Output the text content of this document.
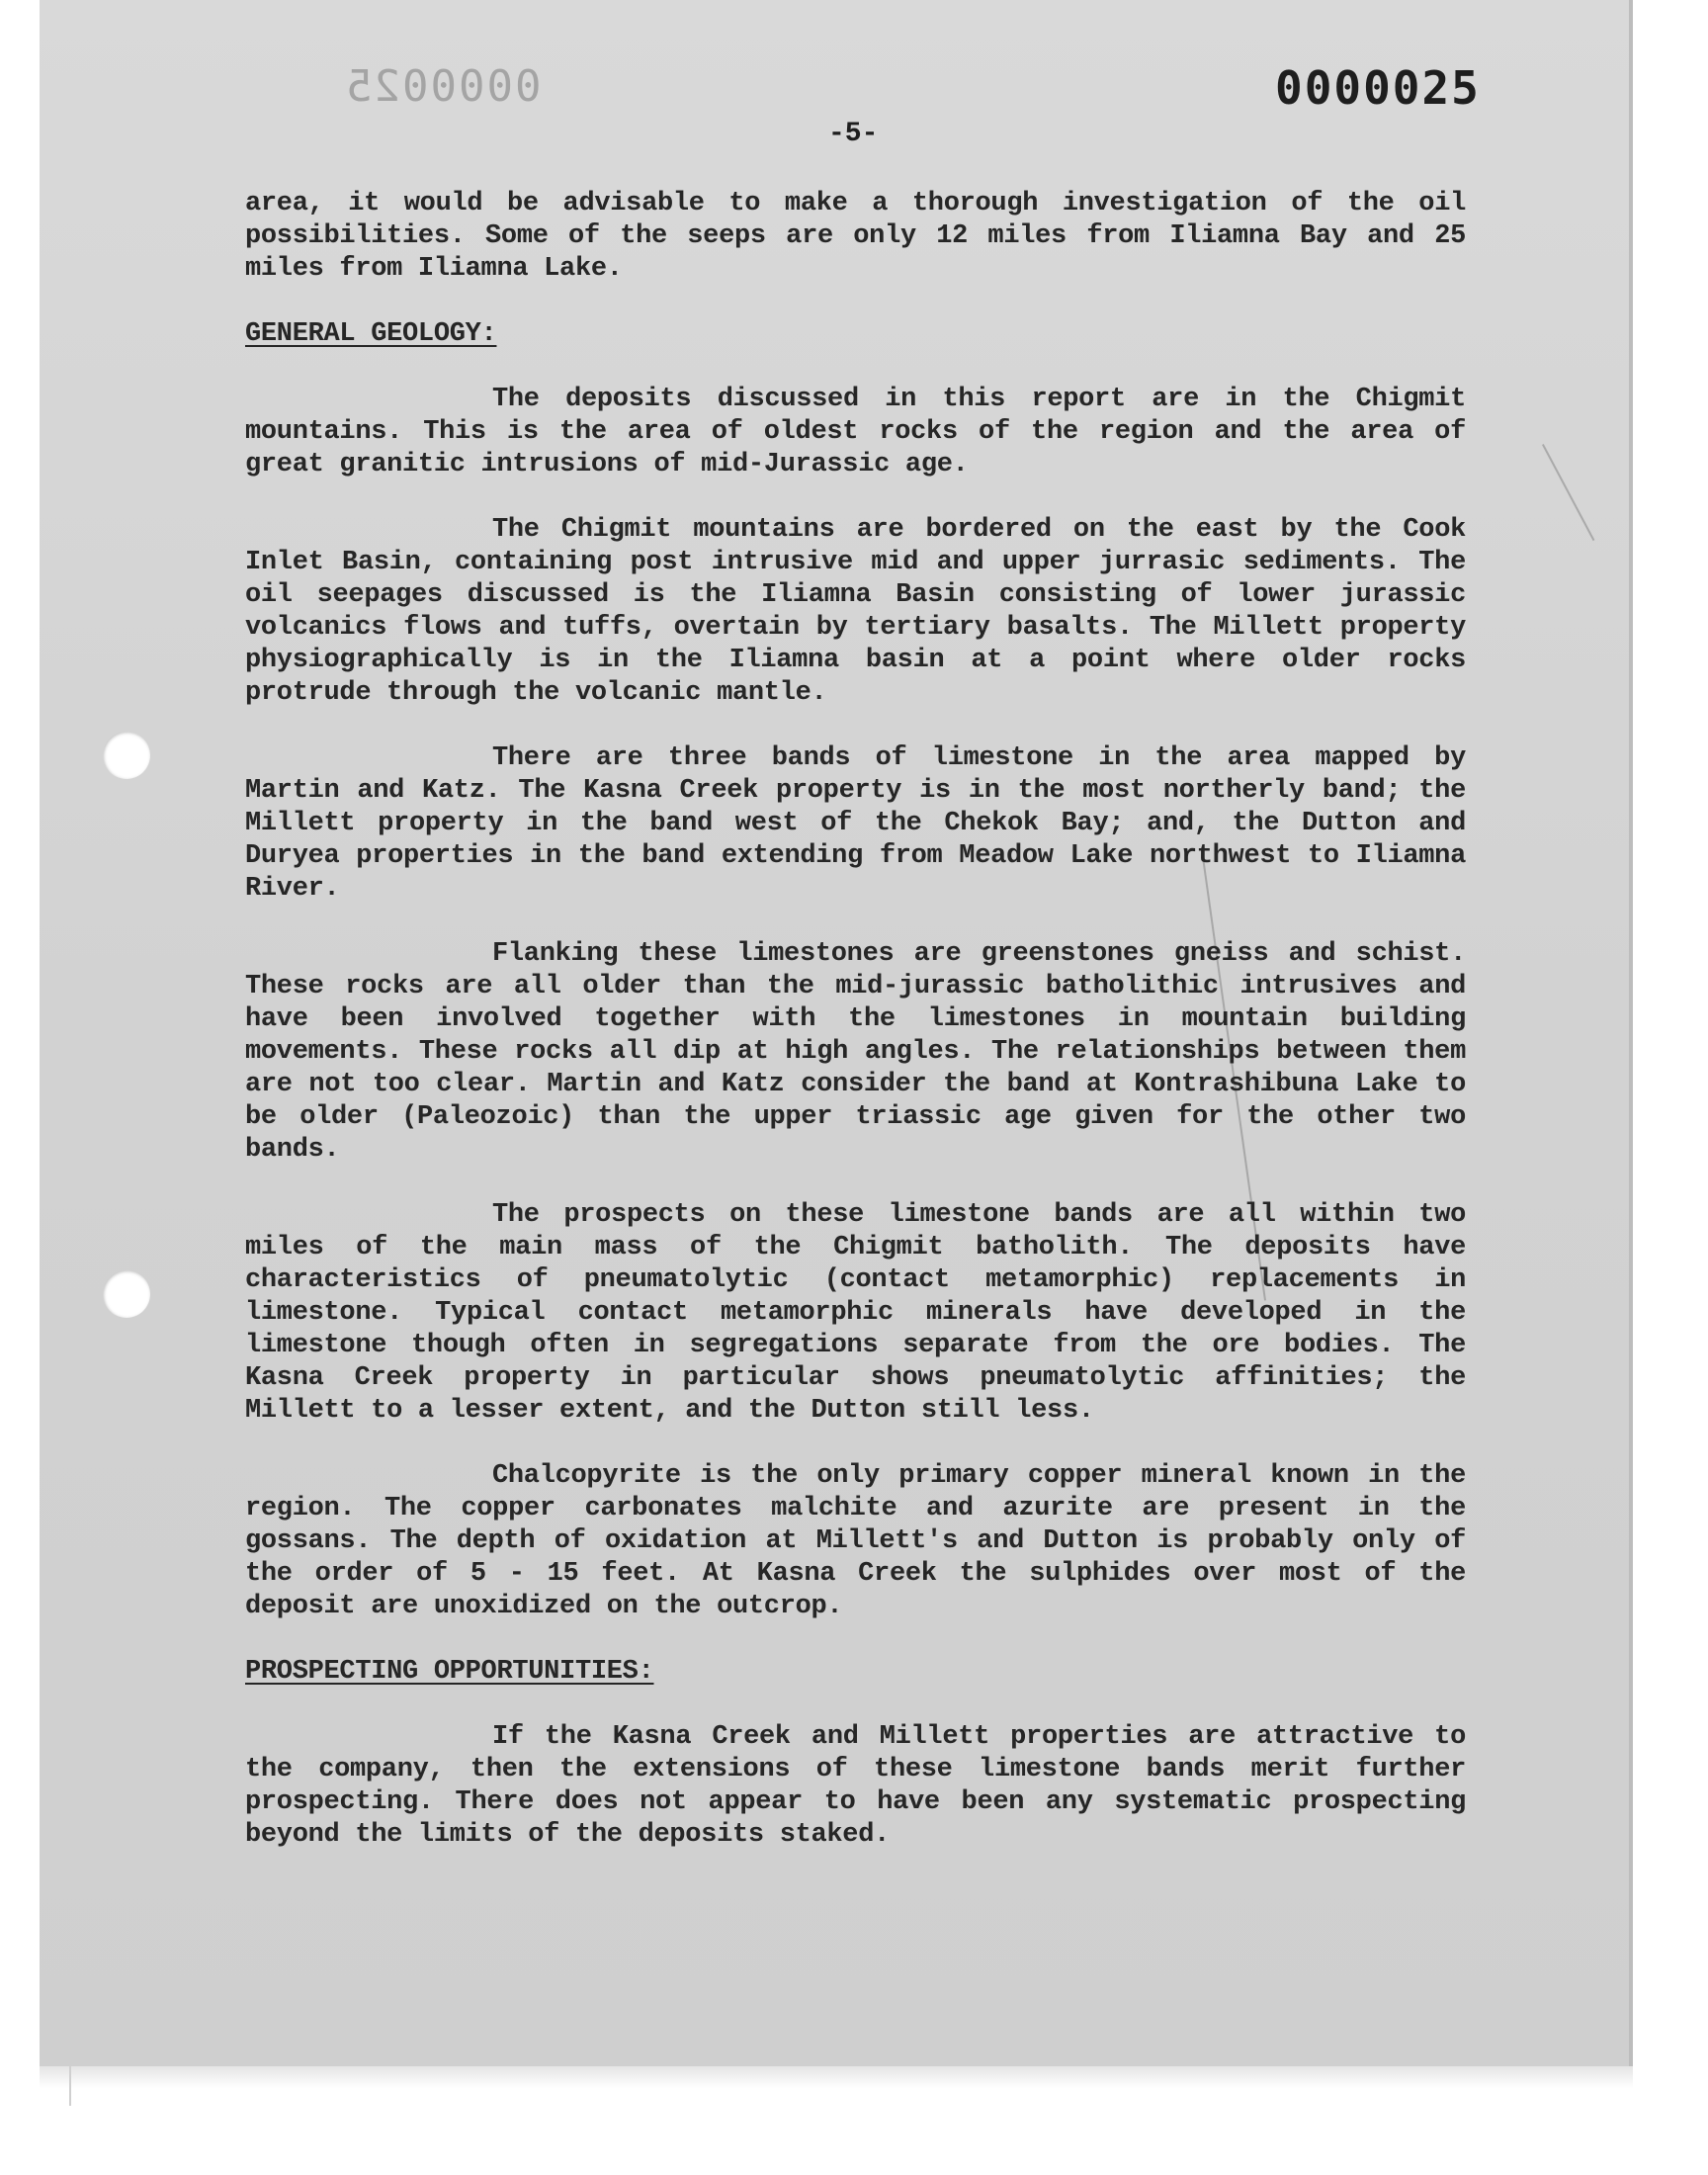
0000025	0000025
-5-

area, it would be advisable to make a thorough investigation of the oil possibilities. Some of the seeps are only 12 miles from Iliamna Bay and 25 miles from Iliamna Lake.

GENERAL GEOLOGY:

The deposits discussed in this report are in the Chigmit mountains. This is the area of oldest rocks of the region and the area of great granitic intrusions of mid-Jurassic age.

The Chigmit mountains are bordered on the east by the Cook Inlet Basin, containing post intrusive mid and upper jurrasic sediments. The oil seepages discussed is the Iliamna Basin consisting of lower jurassic volcanics flows and tuffs, overtain by tertiary basalts. The Millett property physiographically is in the Iliamna basin at a point where older rocks protrude through the volcanic mantle.

There are three bands of limestone in the area mapped by Martin and Katz. The Kasna Creek property is in the most northerly band; the Millett property in the band west of the Chekok Bay; and, the Dutton and Duryea properties in the band extending from Meadow Lake northwest to Iliamna River.

Flanking these limestones are greenstones gneiss and schist. These rocks are all older than the mid-jurassic batholithic intrusives and have been involved together with the limestones in mountain building movements. These rocks all dip at high angles. The relationships between them are not too clear. Martin and Katz consider the band at Kontrashibuna Lake to be older (Paleozoic) than the upper triassic age given for the other two bands.

The prospects on these limestone bands are all within two miles of the main mass of the Chigmit batholith. The deposits have characteristics of pneumatolytic (contact metamorphic) replacements in limestone. Typical contact metamorphic minerals have developed in the limestone though often in segregations separate from the ore bodies. The Kasna Creek property in particular shows pneumatolytic affinities; the Millett to a lesser extent, and the Dutton still less.

Chalcopyrite is the only primary copper mineral known in the region. The copper carbonates malchite and azurite are present in the gossans. The depth of oxidation at Millett's and Dutton is probably only of the order of 5 - 15 feet. At Kasna Creek the sulphides over most of the deposit are unoxidized on the outcrop.

PROSPECTING OPPORTUNITIES:

If the Kasna Creek and Millett properties are attractive to the company, then the extensions of these limestone bands merit further prospecting. There does not appear to have been any systematic prospecting beyond the limits of the deposits staked.
